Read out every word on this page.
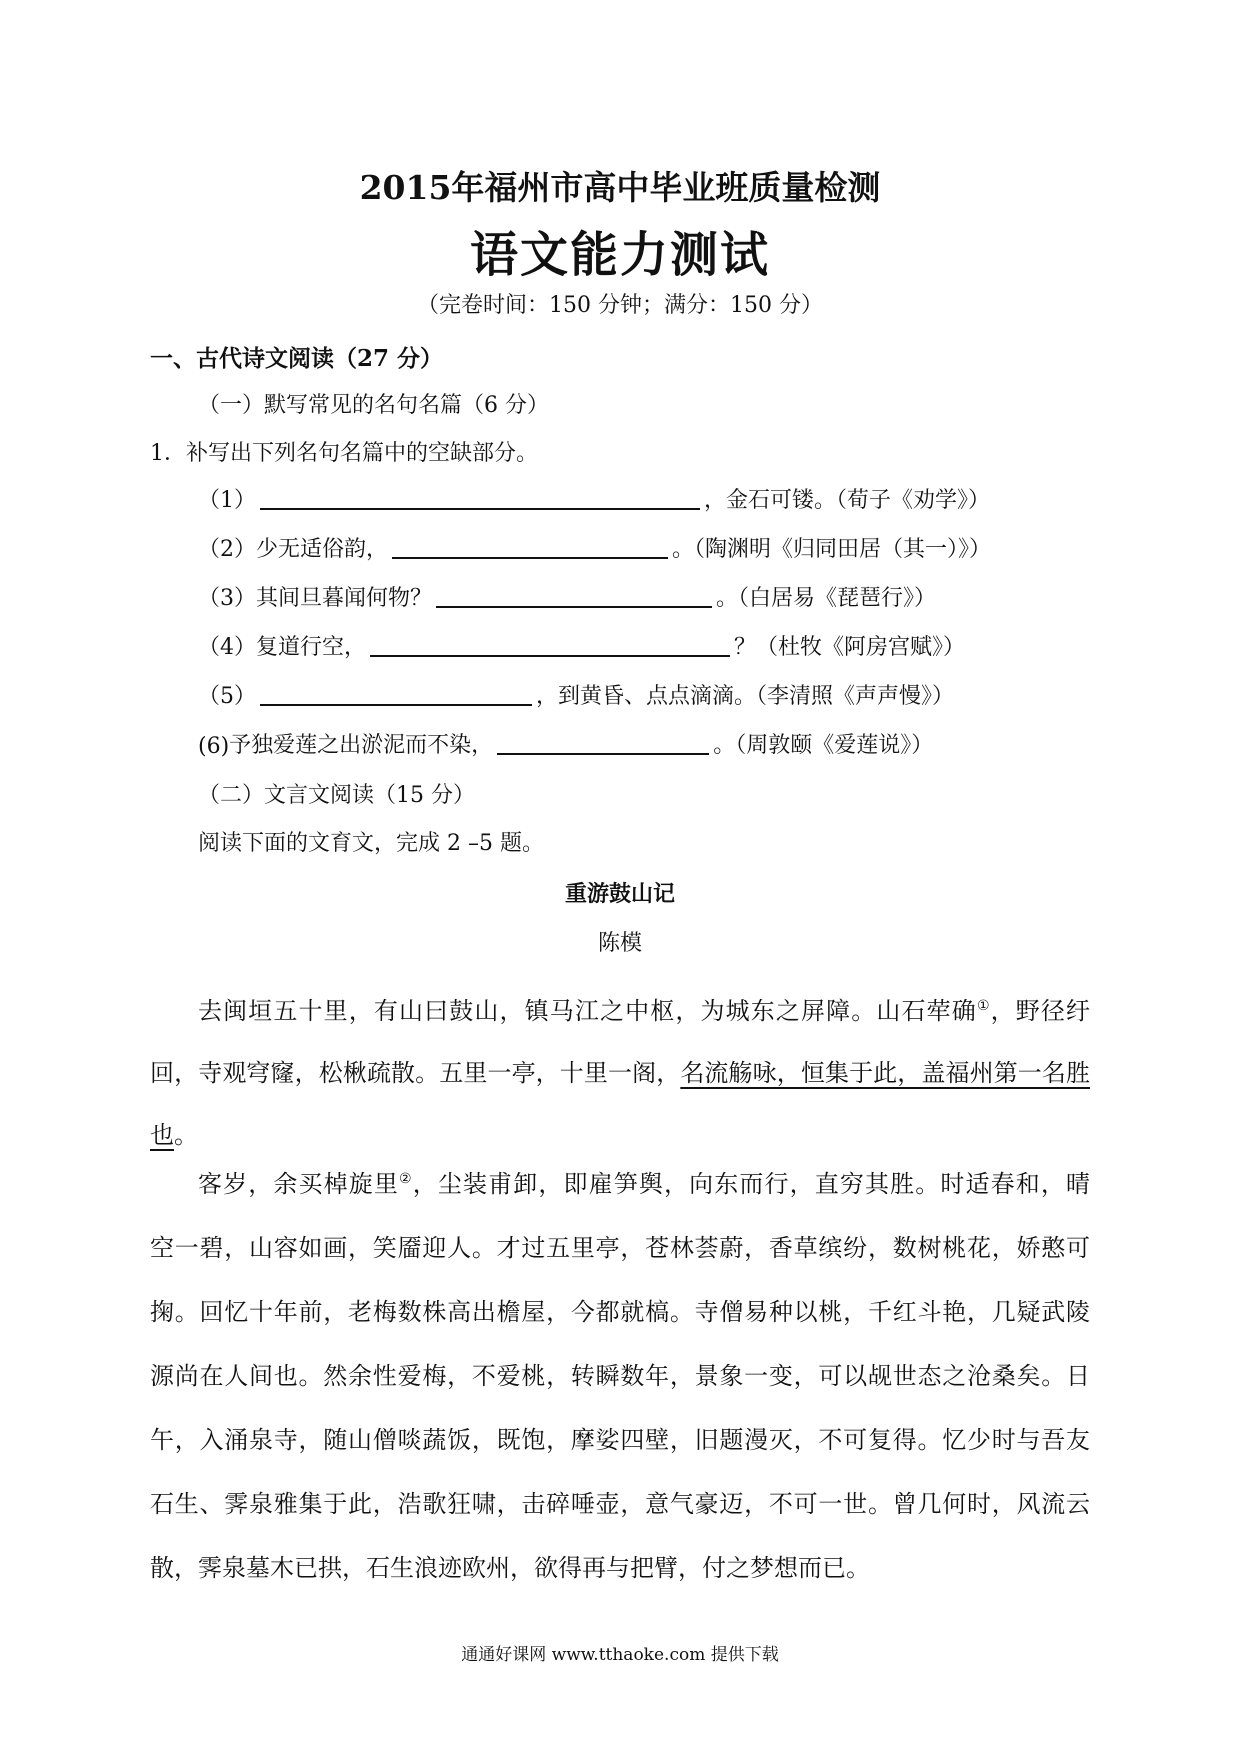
2015年福州市高中毕业班质量检测
语文能力测试
（完卷时间：150 分钟；满分：150 分）
一、古代诗文阅读（27 分）
（一）默写常见的名句名篇（6 分）
1．补写出下列名句名篇中的空缺部分。
（1）	，金石可镂。（荀子《劝学》）
（2） 少无适俗韵，	。（陶渊明《归同田居（其一）》）
（3） 其间旦暮闻何物？	。（白居易《琵琶行》）
（4） 复道行空，	？（杜牧《阿房宫赋》）
（5）	，到黄昏、点点滴滴。（李清照《声声慢》）
(6) 予独爱莲之出淤泥而不染，	。（周敦颐《爱莲说》）
（二）文言文阅读（15 分）
阅读下面的文育文，完成 2 –5 题。
重游鼓山记
陈模
去闽垣五十里，有山曰鼓山，镇马江之中枢，为城东之屏障。山石荦确①，野径纡回，寺观穹窿，松楸疏散。五里一亭，十里一阁，名流觞咏，恒集于此，盖福州第一名胜也。
客岁，余买棹旋里②，尘装甫卸，即雇笋舆，向东而行，直穷其胜。时适春和，晴
空一碧，山容如画，笑靥迎人。才过五里亭，苍林荟蔚，香草缤纷，数树桃花，娇憨可
掬。回忆十年前，老梅数株高出檐屋，今都就槁。寺僧易种以桃，千红斗艳，几疑武陵
源尚在人间也。然余性爱梅，不爱桃，转瞬数年，景象一变，可以觇世态之沧桑矣。日
午，入涌泉寺，随山僧啖蔬饭，既饱，摩娑四壁，旧题漫灭，不可复得。忆少时与吾友
石生、霁泉雅集于此，浩歌狂啸，击碎唾壶，意气豪迈，不可一世。曾几何时，风流云
散，霁泉墓木已拱，石生浪迹欧州，欲得再与把臂，付之梦想而已。
通通好课网 www.tthaoke.com 提供下载
